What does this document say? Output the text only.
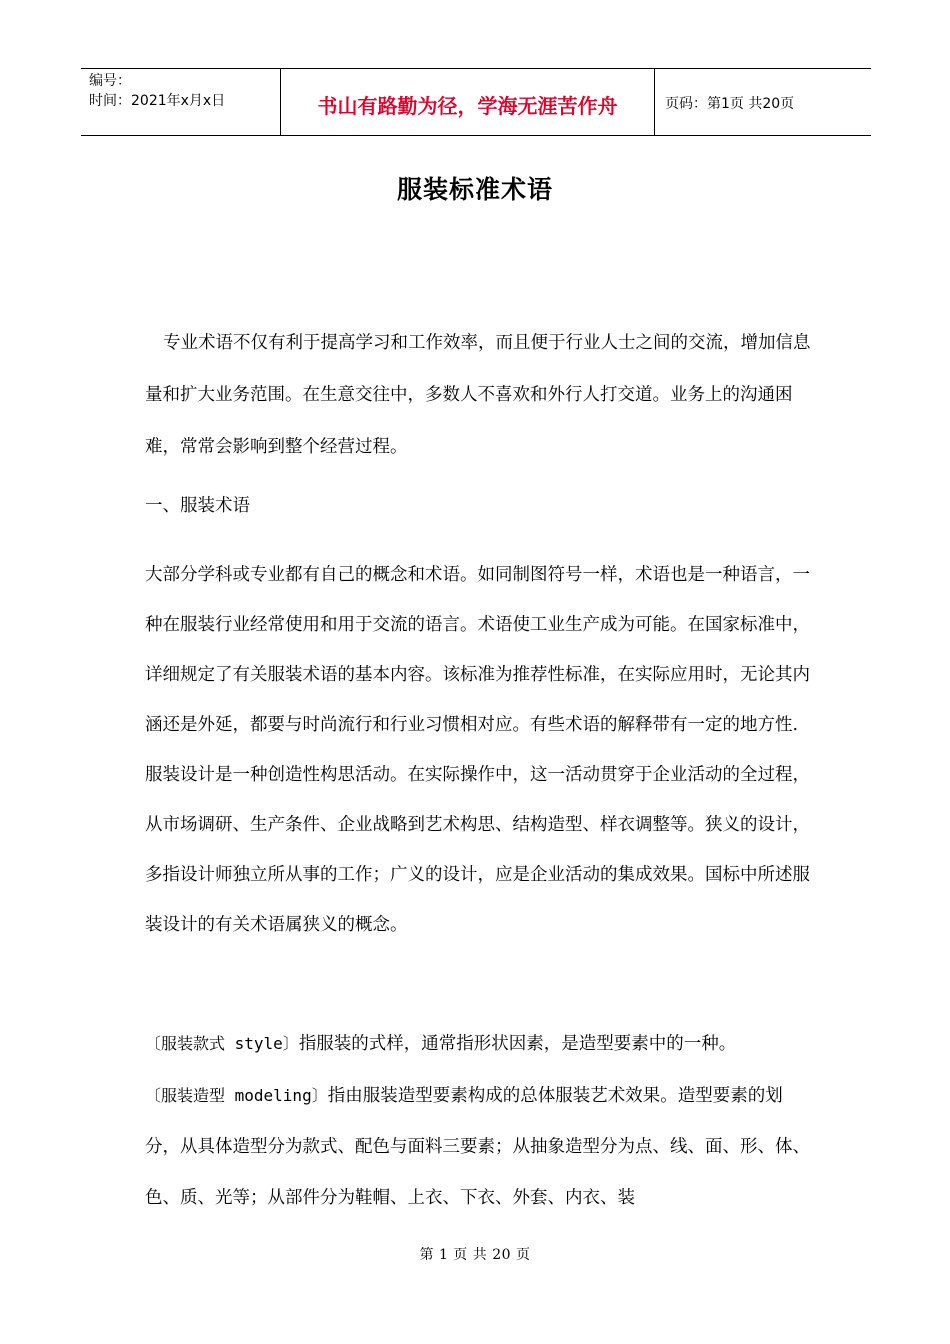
编号：
时间：2021年x月x日	书山有路勤为径，学海无涯苦作舟	页码：第1页 共20页
服装标准术语
专业术语不仅有利于提高学习和工作效率，而且便于行业人士之间的交流，增加信息量和扩大业务范围。在生意交往中，多数人不喜欢和外行人打交道。业务上的沟通困难，常常会影响到整个经营过程。
一、服装术语
大部分学科或专业都有自己的概念和术语。如同制图符号一样，术语也是一种语言，一种在服装行业经常使用和用于交流的语言。术语使工业生产成为可能。在国家标准中，详细规定了有关服装术语的基本内容。该标准为推荐性标准，在实际应用时，无论其内涵还是外延，都要与时尚流行和行业习惯相对应。有些术语的解释带有一定的地方性.服装设计是一种创造性构思活动。在实际操作中，这一活动贯穿于企业活动的全过程，从市场调研、生产条件、企业战略到艺术构思、结构造型、样衣调整等。狭义的设计，多指设计师独立所从事的工作；广义的设计，应是企业活动的集成效果。国标中所述服装设计的有关术语属狭义的概念。
〔服装款式 style〕指服装的式样，通常指形状因素，是造型要素中的一种。
〔服装造型 modeling〕指由服装造型要素构成的总体服装艺术效果。造型要素的划分，从具体造型分为款式、配色与面料三要素；从抽象造型分为点、线、面、形、体、色、质、光等；从部件分为鞋帽、上衣、下衣、外套、内衣、装
第 1 页 共 20 页
